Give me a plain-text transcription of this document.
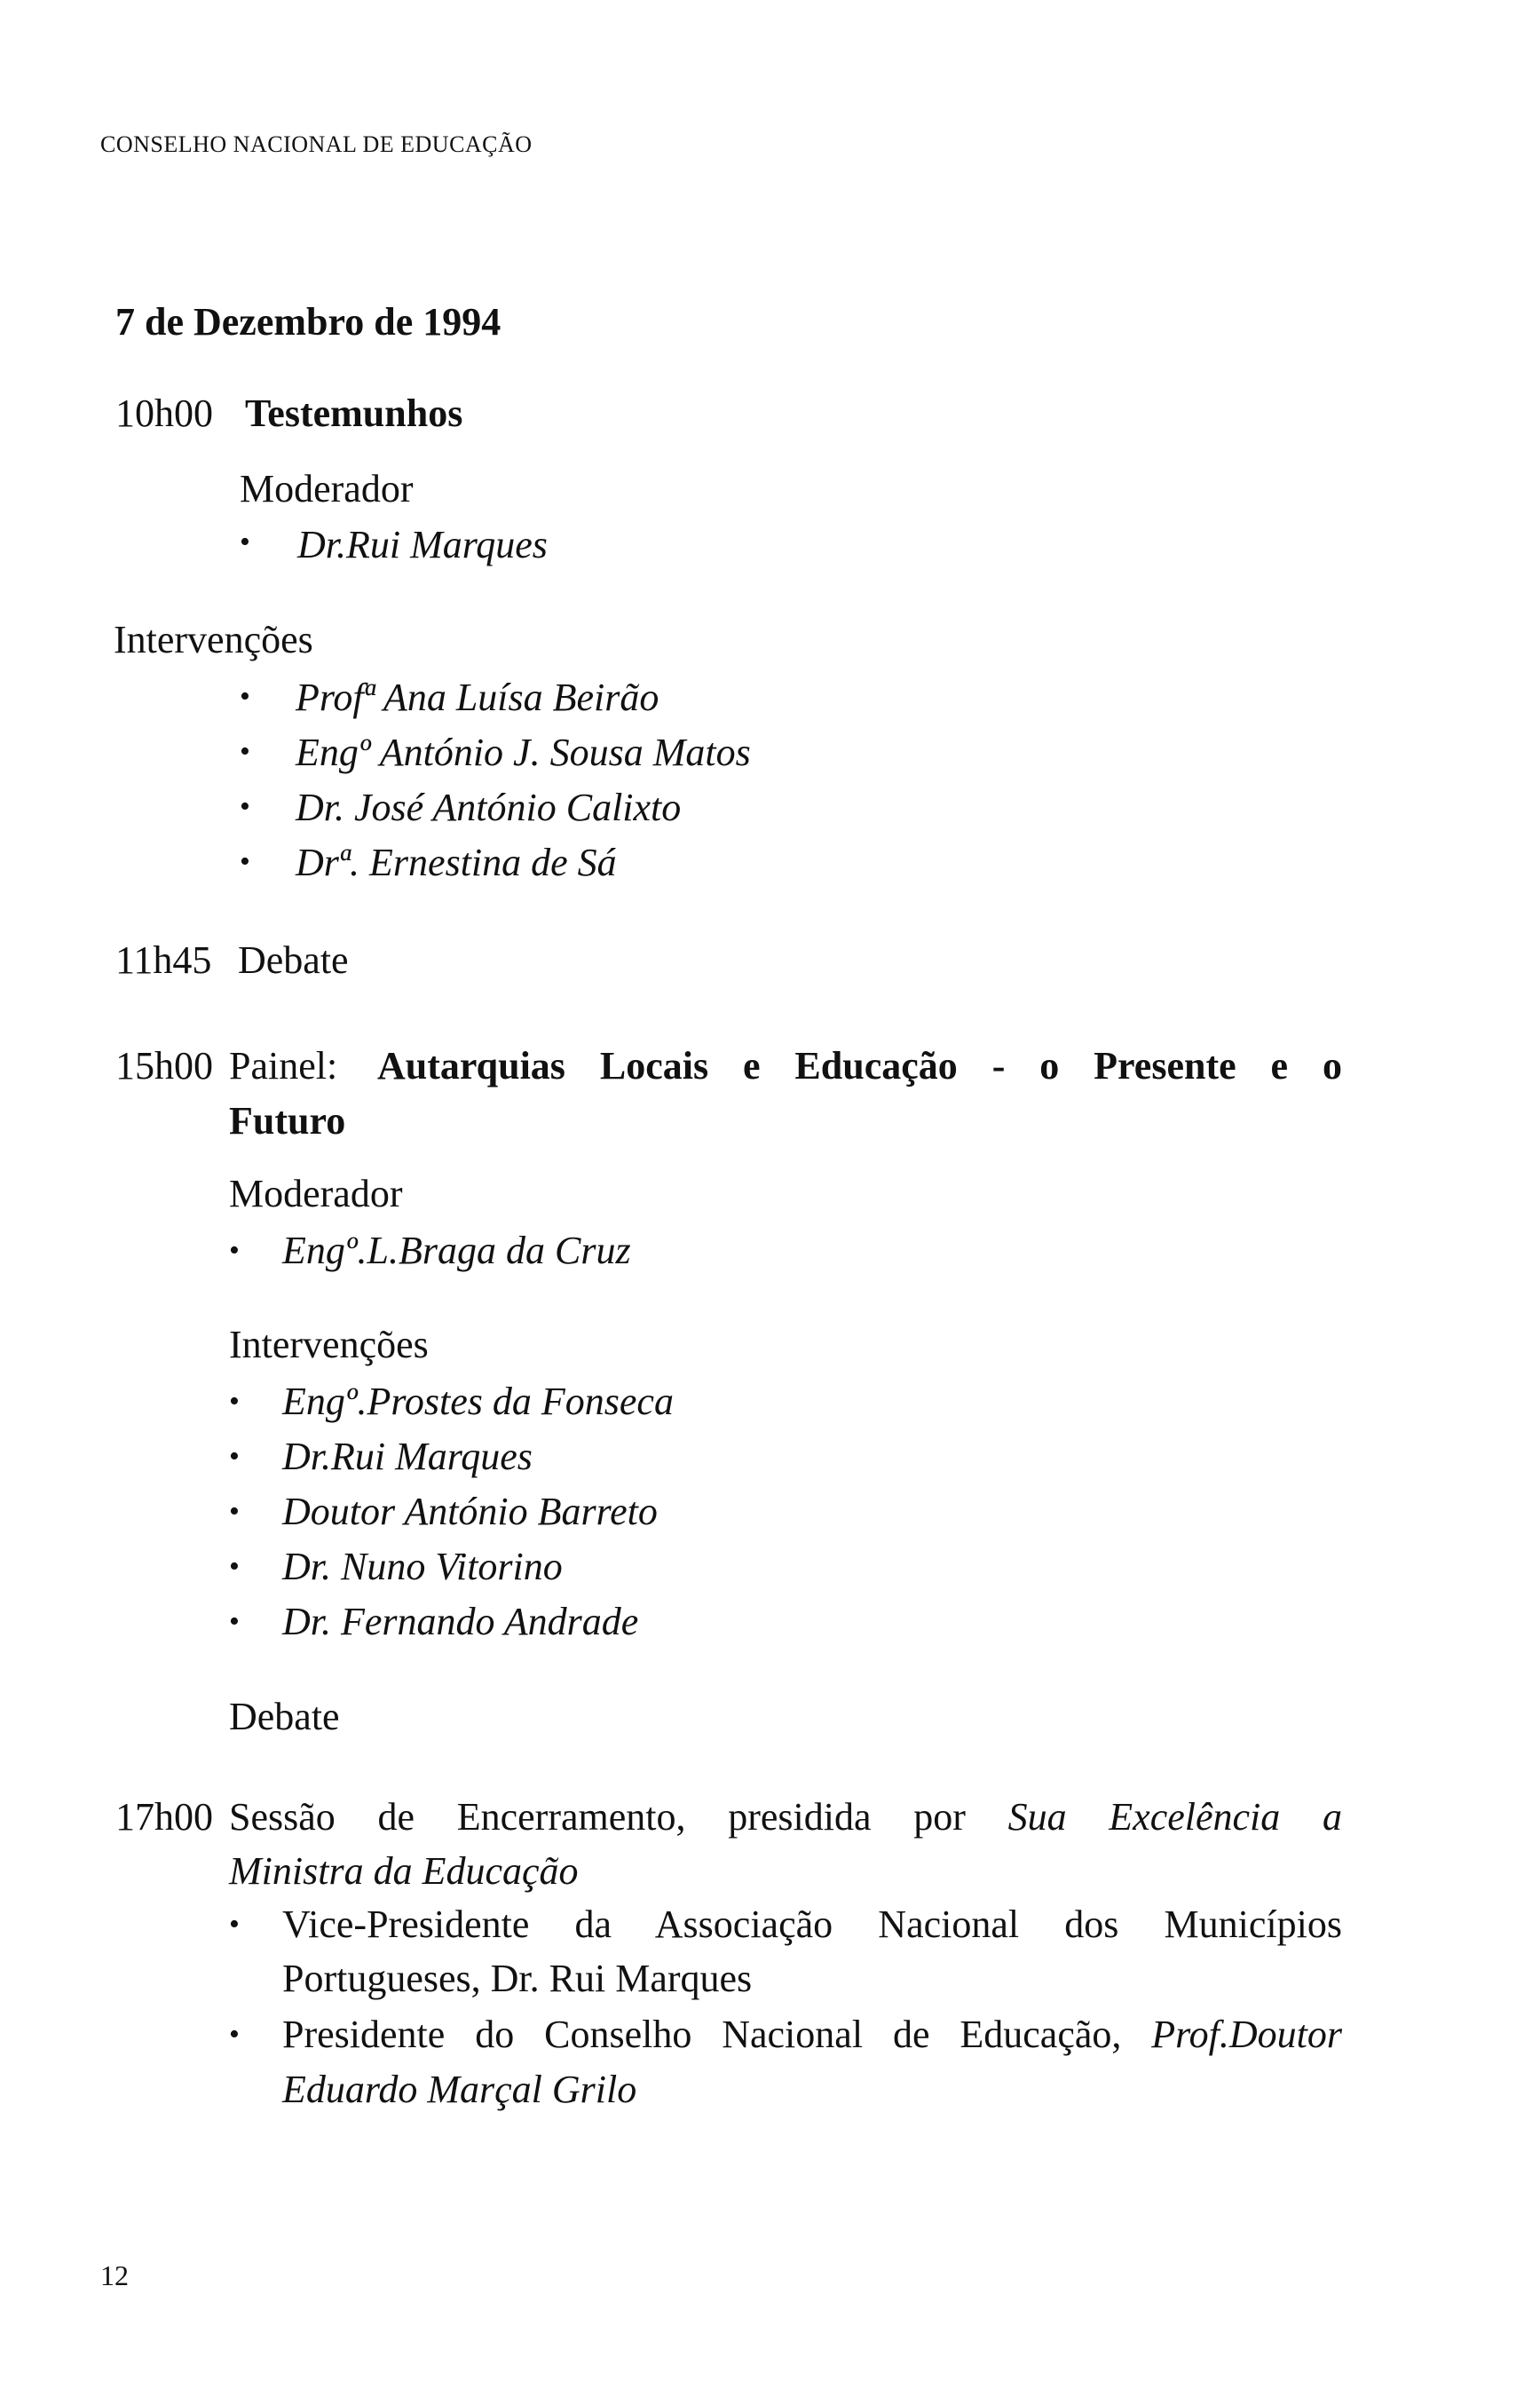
CONSELHO NACIONAL DE EDUCAÇÃO
7 de Dezembro de 1994
10h00 Testemunhos
Moderador
• Dr.Rui Marques
Intervenções
• Profª Ana Luísa Beirão
• Engº António J. Sousa Matos
• Dr. José António Calixto
• Drª. Ernestina de Sá
11h45 Debate
15h00 Painel: Autarquias Locais e Educação - o Presente e o
Futuro
Moderador
• Engº.L.Braga da Cruz
Intervenções
• Engº.Prostes da Fonseca
• Dr.Rui Marques
• Doutor António Barreto
• Dr. Nuno Vitorino
• Dr. Fernando Andrade
Debate
17h00 Sessão de Encerramento, presidida por Sua Excelência a
Ministra da Educação
• Vice-Presidente da Associação Nacional dos Municípios
Portugueses, Dr. Rui Marques
• Presidente do Conselho Nacional de Educação, Prof.Doutor
Eduardo Marçal Grilo
12
